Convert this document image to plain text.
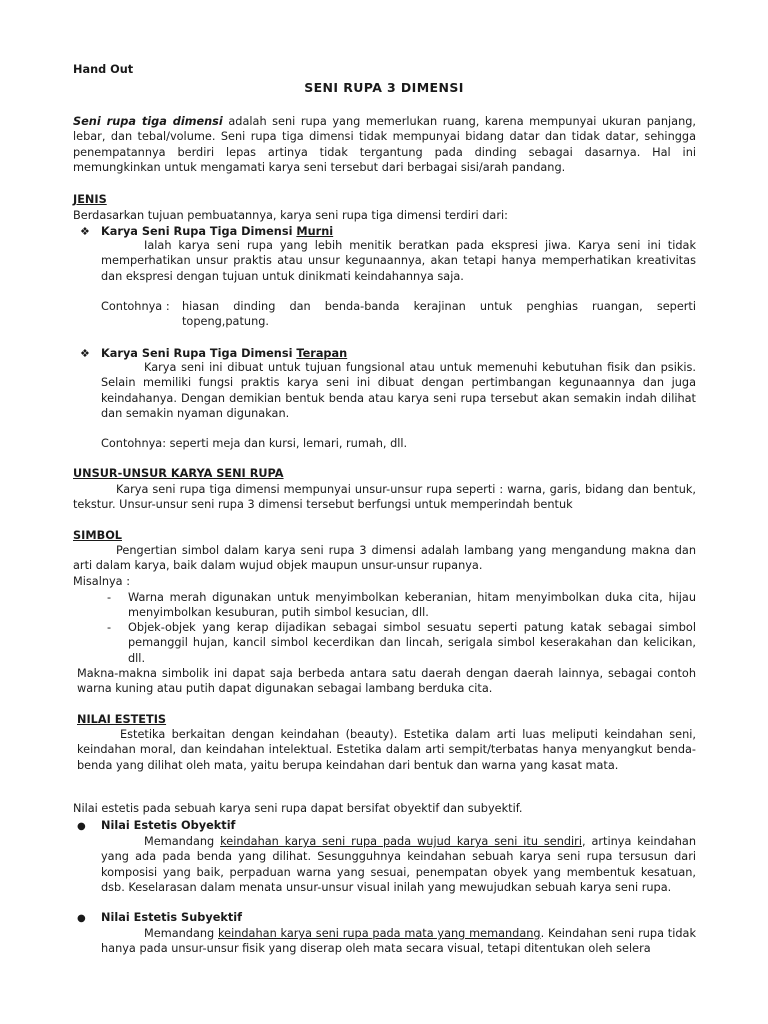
Hand Out
SENI RUPA 3 DIMENSI

Seni rupa tiga dimensi adalah seni rupa yang memerlukan ruang, karena mempunyai ukuran panjang, lebar, dan tebal/volume. Seni rupa tiga dimensi tidak mempunyai bidang datar dan tidak datar, sehingga penempatannya berdiri lepas artinya tidak tergantung pada dinding sebagai dasarnya. Hal ini memungkinkan untuk mengamati karya seni tersebut dari berbagai sisi/arah pandang.

JENIS
Berdasarkan tujuan pembuatannya, karya seni rupa tiga dimensi terdiri dari:
❖ Karya Seni Rupa Tiga Dimensi Murni

Ialah karya seni rupa yang lebih menitik beratkan pada ekspresi jiwa. Karya seni ini tidak memperhatikan unsur praktis atau unsur kegunaannya, akan tetapi hanya memperhatikan kreativitas dan ekspresi dengan tujuan untuk dinikmati keindahannya saja.

Contohnya : hiasan dinding dan benda-banda kerajinan untuk penghias ruangan, seperti topeng,patung.

❖ Karya Seni Rupa Tiga Dimensi Terapan

Karya seni ini dibuat untuk tujuan fungsional atau untuk memenuhi kebutuhan fisik dan psikis. Selain memiliki fungsi praktis karya seni ini dibuat dengan pertimbangan kegunaannya dan juga keindahanya. Dengan demikian bentuk benda atau karya seni rupa tersebut akan semakin indah dilihat dan semakin nyaman digunakan.

Contohnya: seperti meja dan kursi, lemari, rumah, dll.
UNSUR-UNSUR KARYA SENI RUPA

Karya seni rupa tiga dimensi mempunyai unsur-unsur rupa seperti : warna, garis, bidang dan bentuk, tekstur. Unsur-unsur seni rupa 3 dimensi tersebut berfungsi untuk memperindah bentuk

SIMBOL

Pengertian simbol dalam karya seni rupa 3 dimensi adalah lambang yang mengandung makna dan arti dalam karya, baik dalam wujud objek maupun unsur-unsur rupanya.

Misalnya :
- Warna merah digunakan untuk menyimbolkan keberanian, hitam menyimbolkan duka cita, hijau menyimbolkan kesuburan, putih simbol kesucian, dll.

- Objek-objek yang kerap dijadikan sebagai simbol sesuatu seperti patung katak sebagai simbol pemanggil hujan, kancil simbol kecerdikan dan lincah, serigala simbol keserakahan dan kelicikan, dll.

Makna-makna simbolik ini dapat saja berbeda antara satu daerah dengan daerah lainnya, sebagai contoh warna kuning atau putih dapat digunakan sebagai lambang berduka cita.

NILAI ESTETIS

Estetika berkaitan dengan keindahan (beauty). Estetika dalam arti luas meliputi keindahan seni, keindahan moral, dan keindahan intelektual. Estetika dalam arti sempit/terbatas hanya menyangkut benda-benda yang dilihat oleh mata, yaitu berupa keindahan dari bentuk dan warna yang kasat mata.

Nilai estetis pada sebuah karya seni rupa dapat bersifat obyektif dan subyektif.
● Nilai Estetis Obyektif

Memandang keindahan karya seni rupa pada wujud karya seni itu sendiri, artinya keindahan yang ada pada benda yang dilihat. Sesungguhnya keindahan sebuah karya seni rupa tersusun dari komposisi yang baik, perpaduan warna yang sesuai, penempatan obyek yang membentuk kesatuan, dsb. Keselarasan dalam menata unsur-unsur visual inilah yang mewujudkan sebuah karya seni rupa.

● Nilai Estetis Subyektif

Memandang keindahan karya seni rupa pada mata yang memandang. Keindahan seni rupa tidak hanya pada unsur-unsur fisik yang diserap oleh mata secara visual, tetapi ditentukan oleh selera
